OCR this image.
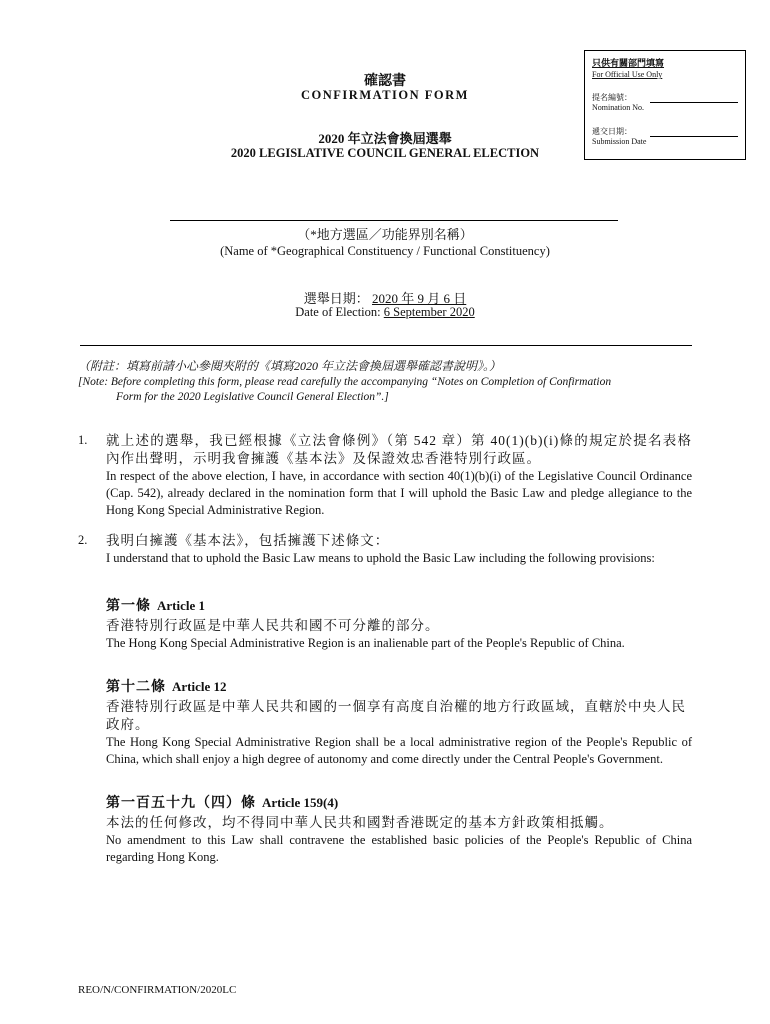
只供有關部門填寫
For Official Use Only
提名編號：
Nomination No.
遞交日期：
Submission Date
確認書
CONFIRMATION FORM
2020 年立法會換屆選舉
2020 LEGISLATIVE COUNCIL GENERAL ELECTION
（*地方選區／功能界別名稱）
(Name of *Geographical Constituency / Functional Constituency)
選舉日期： 2020 年 9 月 6 日
Date of Election: 6 September 2020
（附註：填寫前請小心參閱夾附的《填寫2020 年立法會換屆選舉確認書說明》。）
[Note: Before completing this form, please read carefully the accompanying “Notes on Completion of Confirmation
Form for the 2020 Legislative Council General Election”.]
1. 就上述的選舉，我已經根據《立法會條例》（第 542 章）第 40(1)(b)(i)條的規定於提名表格內作出聲明，示明我會擁護《基本法》及保證效忠香港特別行政區。
In respect of the above election, I have, in accordance with section 40(1)(b)(i) of the Legislative Council Ordinance (Cap. 542), already declared in the nomination form that I will uphold the Basic Law and pledge allegiance to the Hong Kong Special Administrative Region.
2. 我明白擁護《基本法》，包括擁護下述條文：
I understand that to uphold the Basic Law means to uphold the Basic Law including the following provisions:
第一條 Article 1
香港特別行政區是中華人民共和國不可分離的部分。
The Hong Kong Special Administrative Region is an inalienable part of the People's Republic of China.
第十二條 Article 12
香港特別行政區是中華人民共和國的一個享有高度自治權的地方行政區域，直轄於中央人民政府。
The Hong Kong Special Administrative Region shall be a local administrative region of the People's Republic of China, which shall enjoy a high degree of autonomy and come directly under the Central People's Government.
第一百五十九（四）條 Article 159(4)
本法的任何修改，均不得同中華人民共和國對香港既定的基本方針政策相抵觸。
No amendment to this Law shall contravene the established basic policies of the People's Republic of China regarding Hong Kong.
REO/N/CONFIRMATION/2020LC
